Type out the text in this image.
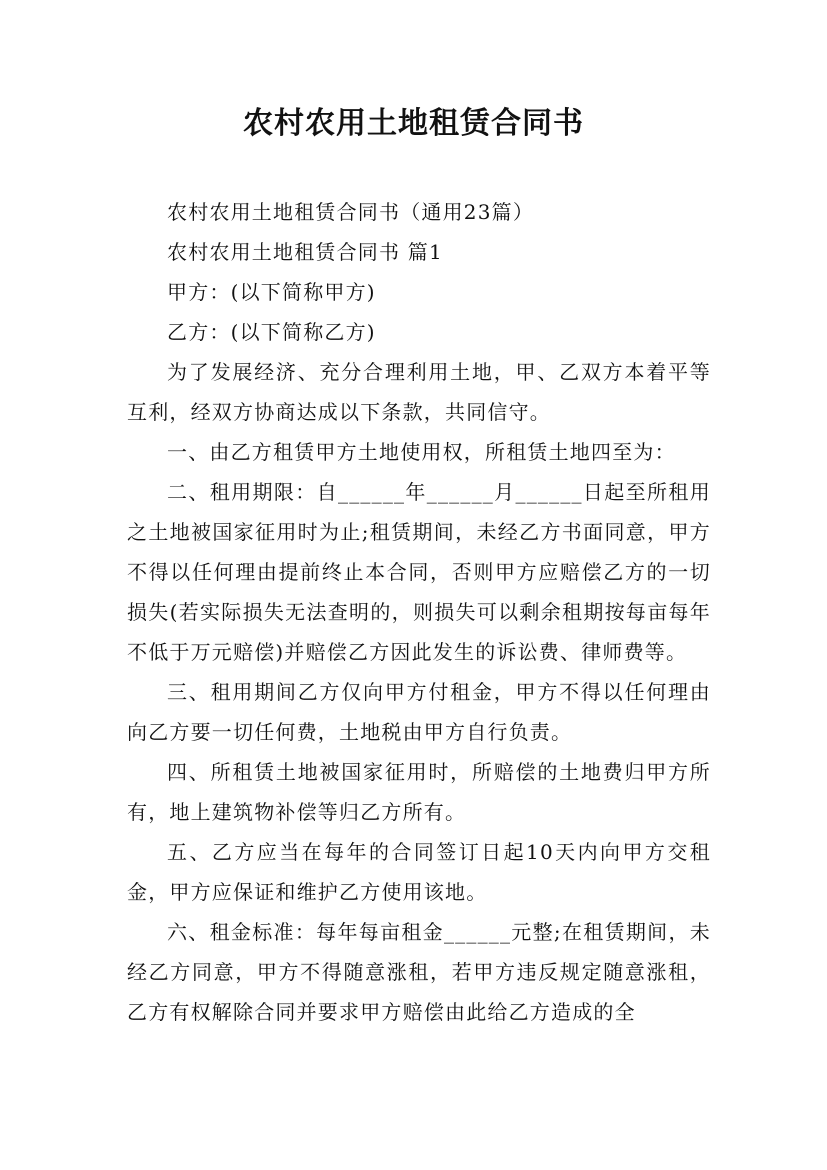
农村农用土地租赁合同书

农村农用土地租赁合同书（通用23篇）

农村农用土地租赁合同书 篇1

甲方：(以下简称甲方)

乙方：(以下简称乙方)

为了发展经济、充分合理利用土地，甲、乙双方本着平等互利，经双方协商达成以下条款，共同信守。

一、由乙方租赁甲方土地使用权，所租赁土地四至为：

二、租用期限：自______年______月______日起至所租用之土地被国家征用时为止;租赁期间，未经乙方书面同意，甲方不得以任何理由提前终止本合同，否则甲方应赔偿乙方的一切损失(若实际损失无法查明的，则损失可以剩余租期按每亩每年不低于万元赔偿)并赔偿乙方因此发生的诉讼费、律师费等。

三、租用期间乙方仅向甲方付租金，甲方不得以任何理由向乙方要一切任何费，土地税由甲方自行负责。

四、所租赁土地被国家征用时，所赔偿的土地费归甲方所有，地上建筑物补偿等归乙方所有。

五、乙方应当在每年的合同签订日起10天内向甲方交租金，甲方应保证和维护乙方使用该地。

六、租金标准：每年每亩租金______元整;在租赁期间，未经乙方同意，甲方不得随意涨租，若甲方违反规定随意涨租，乙方有权解除合同并要求甲方赔偿由此给乙方造成的全
